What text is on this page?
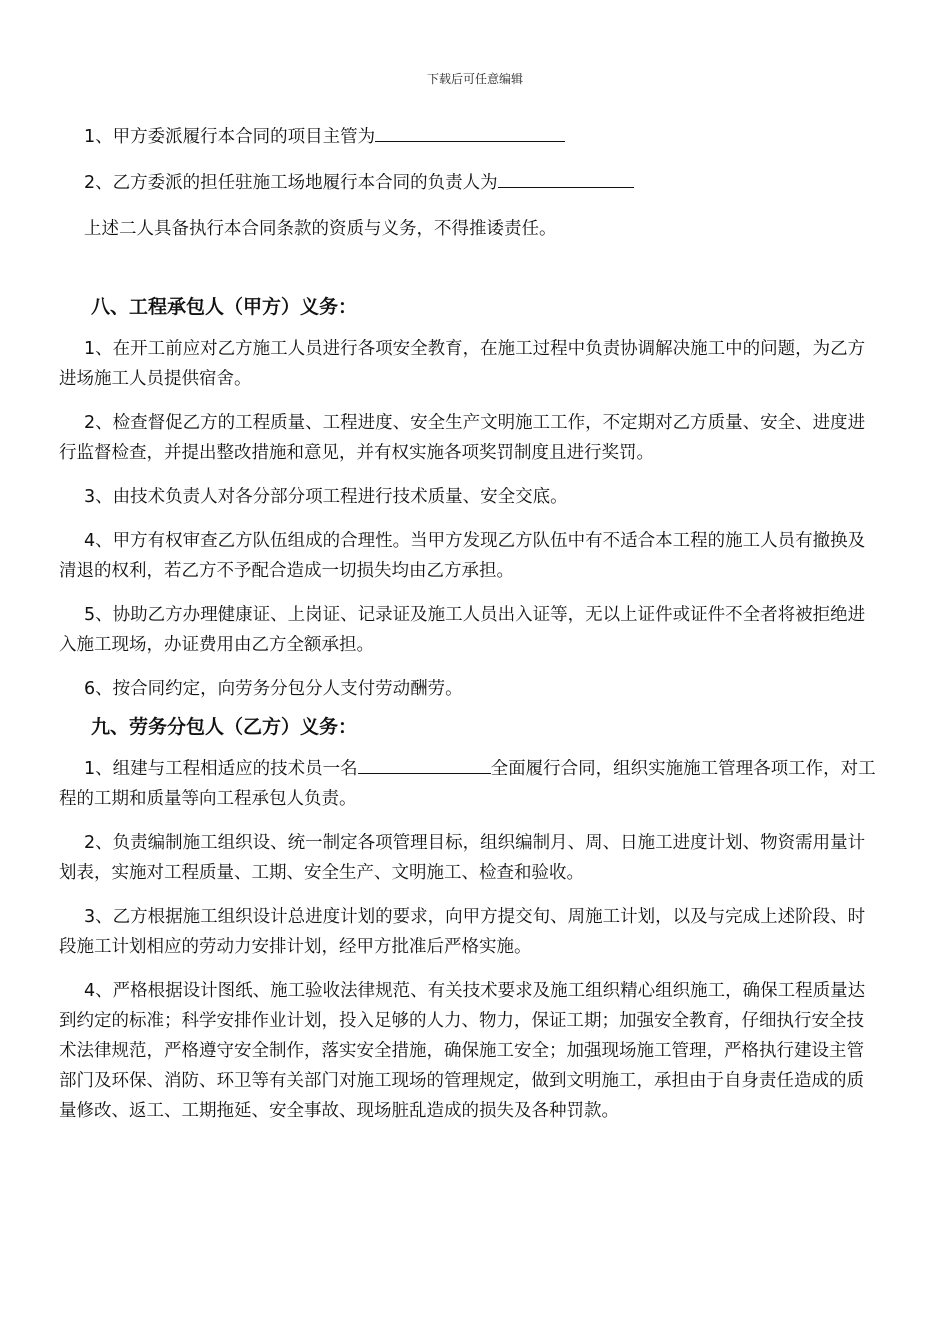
下载后可任意编辑

1、甲方委派履行本合同的项目主管为

2、乙方委派的担任驻施工场地履行本合同的负责人为

上述二人具备执行本合同条款的资质与义务，不得推诿责任。

八、工程承包人（甲方）义务：

1、在开工前应对乙方施工人员进行各项安全教育，在施工过程中负责协调解决施工中的问题，为乙方进场施工人员提供宿舍。

2、检查督促乙方的工程质量、工程进度、安全生产文明施工工作，不定期对乙方质量、安全、进度进行监督检查，并提出整改措施和意见，并有权实施各项奖罚制度且进行奖罚。

3、由技术负责人对各分部分项工程进行技术质量、安全交底。

4、甲方有权审查乙方队伍组成的合理性。当甲方发现乙方队伍中有不适合本工程的施工人员有撤换及清退的权利，若乙方不予配合造成一切损失均由乙方承担。

5、协助乙方办理健康证、上岗证、记录证及施工人员出入证等，无以上证件或证件不全者将被拒绝进入施工现场，办证费用由乙方全额承担。

6、按合同约定，向劳务分包分人支付劳动酬劳。

九、劳务分包人（乙方）义务：

1、组建与工程相适应的技术员一名	全面履行合同，组织实施施工管理各项工作，对工程的工期和质量等向工程承包人负责。

2、负责编制施工组织设、统一制定各项管理目标，组织编制月、周、日施工进度计划、物资需用量计划表，实施对工程质量、工期、安全生产、文明施工、检查和验收。

3、乙方根据施工组织设计总进度计划的要求，向甲方提交旬、周施工计划，以及与完成上述阶段、时段施工计划相应的劳动力安排计划，经甲方批准后严格实施。

4、严格根据设计图纸、施工验收法律规范、有关技术要求及施工组织精心组织施工，确保工程质量达到约定的标准；科学安排作业计划，投入足够的人力、物力，保证工期；加强安全教育，仔细执行安全技术法律规范，严格遵守安全制作，落实安全措施，确保施工安全；加强现场施工管理，严格执行建设主管部门及环保、消防、环卫等有关部门对施工现场的管理规定，做到文明施工，承担由于自身责任造成的质量修改、返工、工期拖延、安全事故、现场脏乱造成的损失及各种罚款。
